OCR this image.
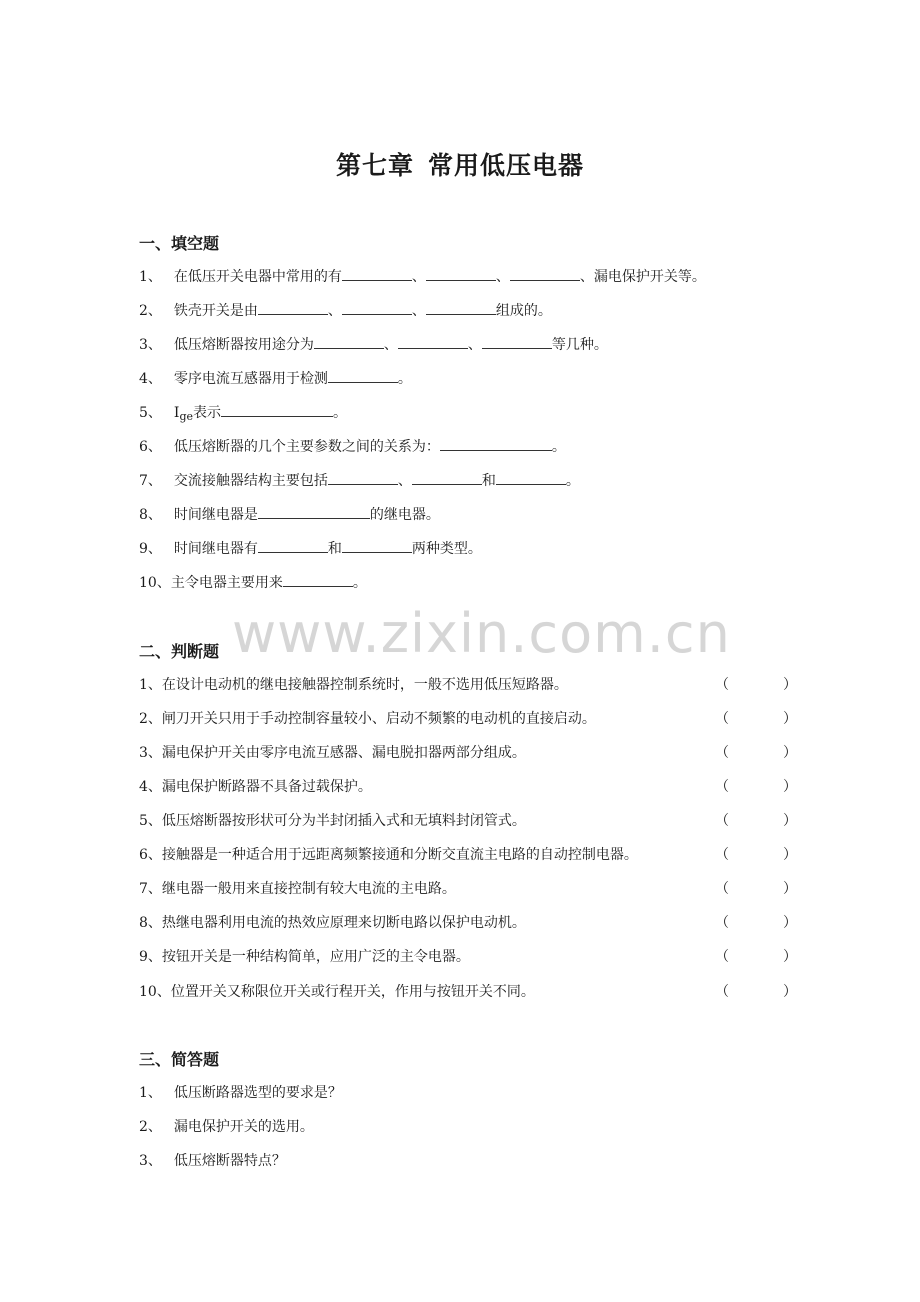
第七章 常用低压电器
一、填空题
1、 在低压开关电器中常用的有	、	、	、漏电保护开关等。
2、 铁壳开关是由	、	、	组成的。
3、 低压熔断器按用途分为	、	、	等几种。
4、 零序电流互感器用于检测	。
5、 $I_{ge}$表示	。
6、 低压熔断器的几个主要参数之间的关系为：	。
7、 交流接触器结构主要包括	、	和	。
8、 时间继电器是	的继电器。
9、 时间继电器有	和	两种类型。
10、主令电器主要用来	。
www.zixin.com.cn
二、判断题
1、在设计电动机的继电接触器控制系统时，一般不选用低压短路器。	（	）
2、闸刀开关只用于手动控制容量较小、启动不频繁的电动机的直接启动。	（	）
3、漏电保护开关由零序电流互感器、漏电脱扣器两部分组成。	（	）
4、漏电保护断路器不具备过载保护。	（	）
5、低压熔断器按形状可分为半封闭插入式和无填料封闭管式。	（	）
6、接触器是一种适合用于远距离频繁接通和分断交直流主电路的自动控制电器。	（	）
7、继电器一般用来直接控制有较大电流的主电路。	（	）
8、热继电器利用电流的热效应原理来切断电路以保护电动机。	（	）
9、按钮开关是一种结构简单，应用广泛的主令电器。	（	）
10、位置开关又称限位开关或行程开关，作用与按钮开关不同。	（	）
三、简答题
1、 低压断路器选型的要求是？
2、 漏电保护开关的选用。
3、 低压熔断器特点？
